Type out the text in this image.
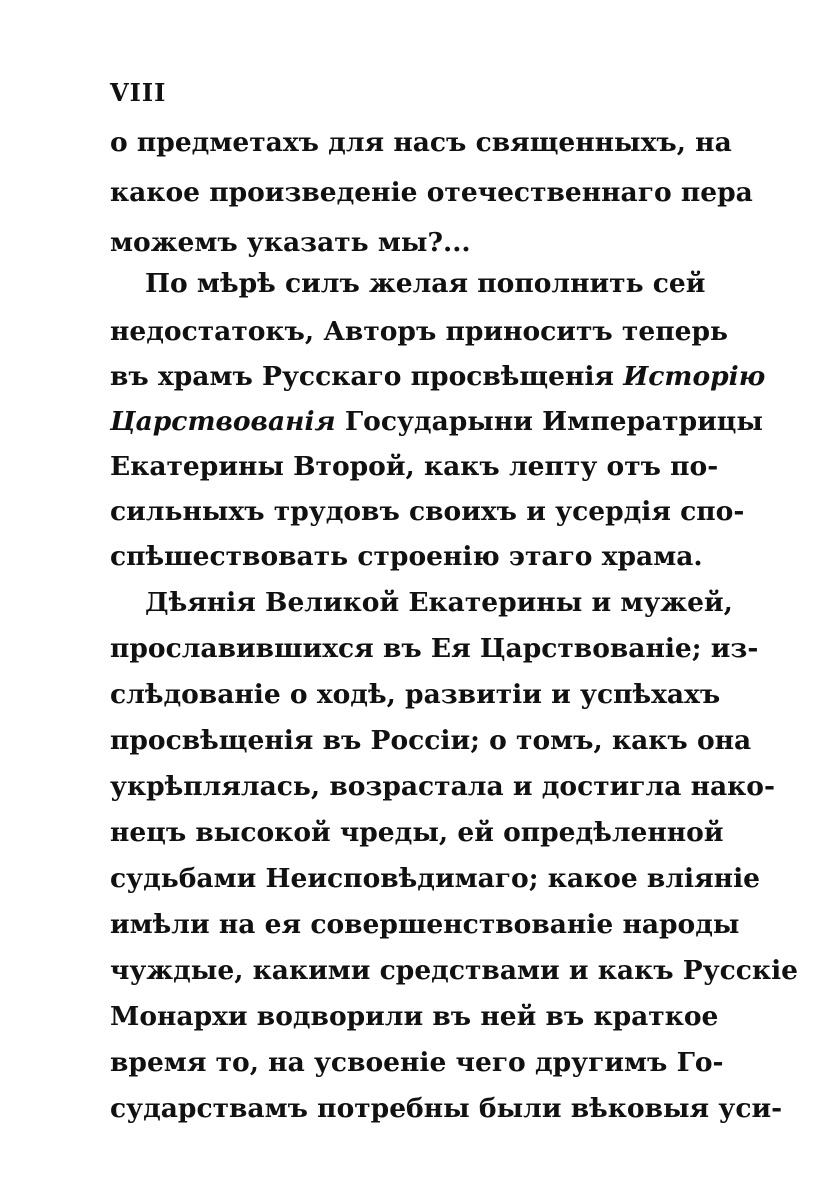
VIII
о предметахъ для насъ священныхъ, на
какое произведеніе отечественнаго пера
можемъ указать мы?...
По мѣрѣ силъ желая пополнить сей
недостатокъ, Авторъ приноситъ теперь
въ храмъ Русскаго просвѣщенія Исторію
Царствованія Государыни Императрицы
Екатерины Второй, какъ лепту отъ по-
сильныхъ трудовъ своихъ и усердія спо-
спѣшествовать строенію этаго храма.
Дѣянія Великой Екатерины и мужей,
прославившихся въ Ея Царствованіе; из-
слѣдованіе о ходѣ, развитіи и успѣхахъ
просвѣщенія въ Россіи; о томъ, какъ она
укрѣплялась, возрастала и достигла нако-
нецъ высокой чреды, ей опредѣленной
судьбами Неисповѣдимаго; какое вліяніе
имѣли на ея совершенствованіе народы
чуждые, какими средствами и какъ Русскіе
Монархи водворили въ ней въ краткое
время то, на усвоеніе чего другимъ Го-
сударствамъ потребны были вѣковыя уси-
